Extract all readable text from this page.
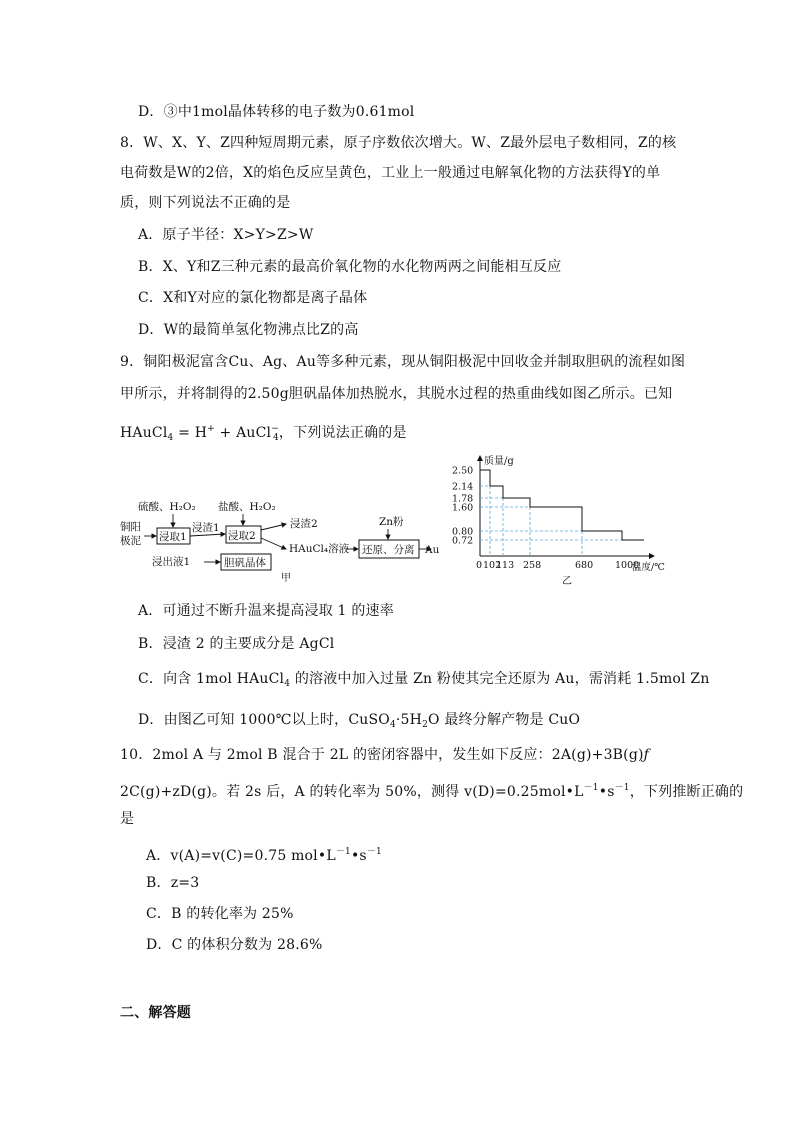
D．③中1mol晶体转移的电子数为0.61mol
8．W、X、Y、Z四种短周期元素，原子序数依次增大。W、Z最外层电子数相同，Z的核
电荷数是W的2倍，X的焰色反应呈黄色，工业上一般通过电解氧化物的方法获得Y的单
质，则下列说法不正确的是
A．原子半径：X>Y>Z>W
B．X、Y和Z三种元素的最高价氧化物的水化物两两之间能相互反应
C．X和Y对应的氯化物都是离子晶体
D．W的最简单氢化物沸点比Z的高
9．铜阳极泥富含Cu、Ag、Au等多种元素，现从铜阳极泥中回收金并制取胆矾的流程如图
甲所示，并将制得的2.50g胆矾晶体加热脱水，其脱水过程的热重曲线如图乙所示。已知
HAuCl$_4$ = H+ + AuCl−$_4$，下列说法正确的是
硫酸、H₂O₂ 盐酸、H₂O₂
Zn粉
铜阳
极泥
浸渣1	浸渣2
浸出液1
HAuCl₄溶液	Au
甲
浸取1	浸取2
胆矾晶体
还原、分离
质量/g
温度/℃
乙
0.72
0.80
1.60
1.78
2.14
2.50
0 102
113 258	680 1000
A．可通过不断升温来提高浸取 1 的速率
B．浸渣 2 的主要成分是 AgCl
C．向含 1mol HAuCl$_4$ 的溶液中加入过量 Zn 粉使其完全还原为 Au，需消耗 1.5mol Zn
D．由图乙可知 1000℃以上时，$CuSO_4\cdot 5H_2O$ 最终分解产物是 CuO
10．2mol A 与 2mol B 混合于 2L 的密闭容器中，发生如下反应：2A(g)+3B(g)ƒ
2C(g)+zD(g)。若 2s 后，A 的转化率为 50%，测得 $v(D)=0.25mol•L^{-1}•s^{-1}$，下列推断正确的
是
A．v(A)=v(C)=0.75 $mol•L^{-1}•s^{-1}$
B．z=3
C．B 的转化率为 25%
D．C 的体积分数为 28.6%
二、解答题
